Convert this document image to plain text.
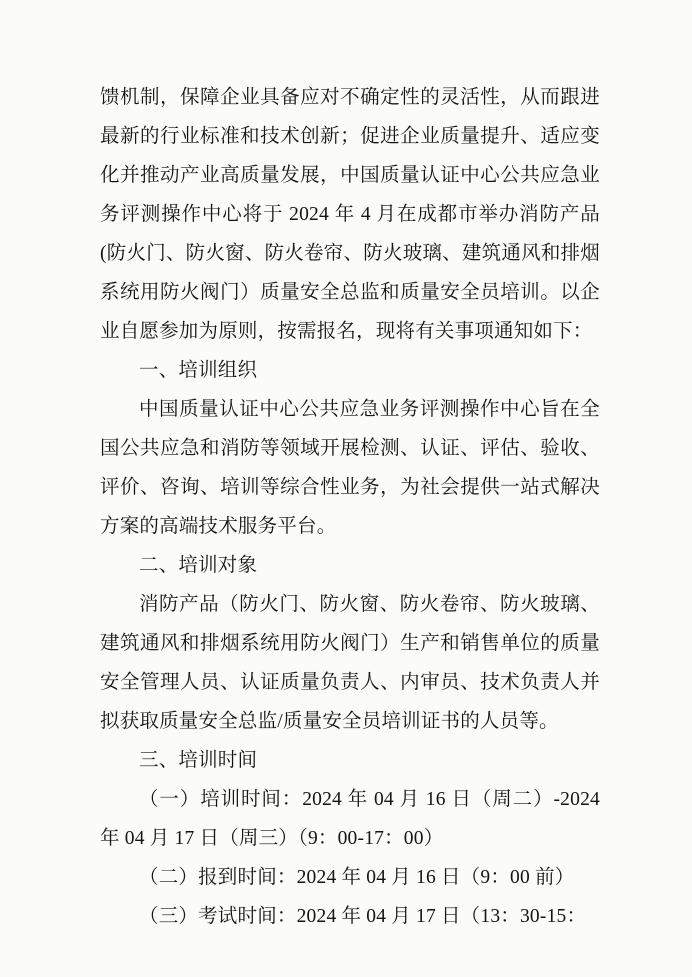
馈机制，保障企业具备应对不确定性的灵活性，从而跟进最新的行业标准和技术创新；促进企业质量提升、适应变化并推动产业高质量发展，中国质量认证中心公共应急业务评测操作中心将于 2024 年 4 月在成都市举办消防产品(防火门、防火窗、防火卷帘、防火玻璃、建筑通风和排烟系统用防火阀门）质量安全总监和质量安全员培训。以企业自愿参加为原则，按需报名，现将有关事项通知如下：

一、培训组织

中国质量认证中心公共应急业务评测操作中心旨在全国公共应急和消防等领域开展检测、认证、评估、验收、评价、咨询、培训等综合性业务，为社会提供一站式解决方案的高端技术服务平台。

二、培训对象

消防产品（防火门、防火窗、防火卷帘、防火玻璃、建筑通风和排烟系统用防火阀门）生产和销售单位的质量安全管理人员、认证质量负责人、内审员、技术负责人并拟获取质量安全总监/质量安全员培训证书的人员等。

三、培训时间

（一）培训时间：2024 年 04 月 16 日（周二）-2024 年 04 月 17 日（周三）（9：00-17：00）

（二）报到时间：2024 年 04 月 16 日（9：00 前）

（三）考试时间：2024 年 04 月 17 日（13：30-15：
